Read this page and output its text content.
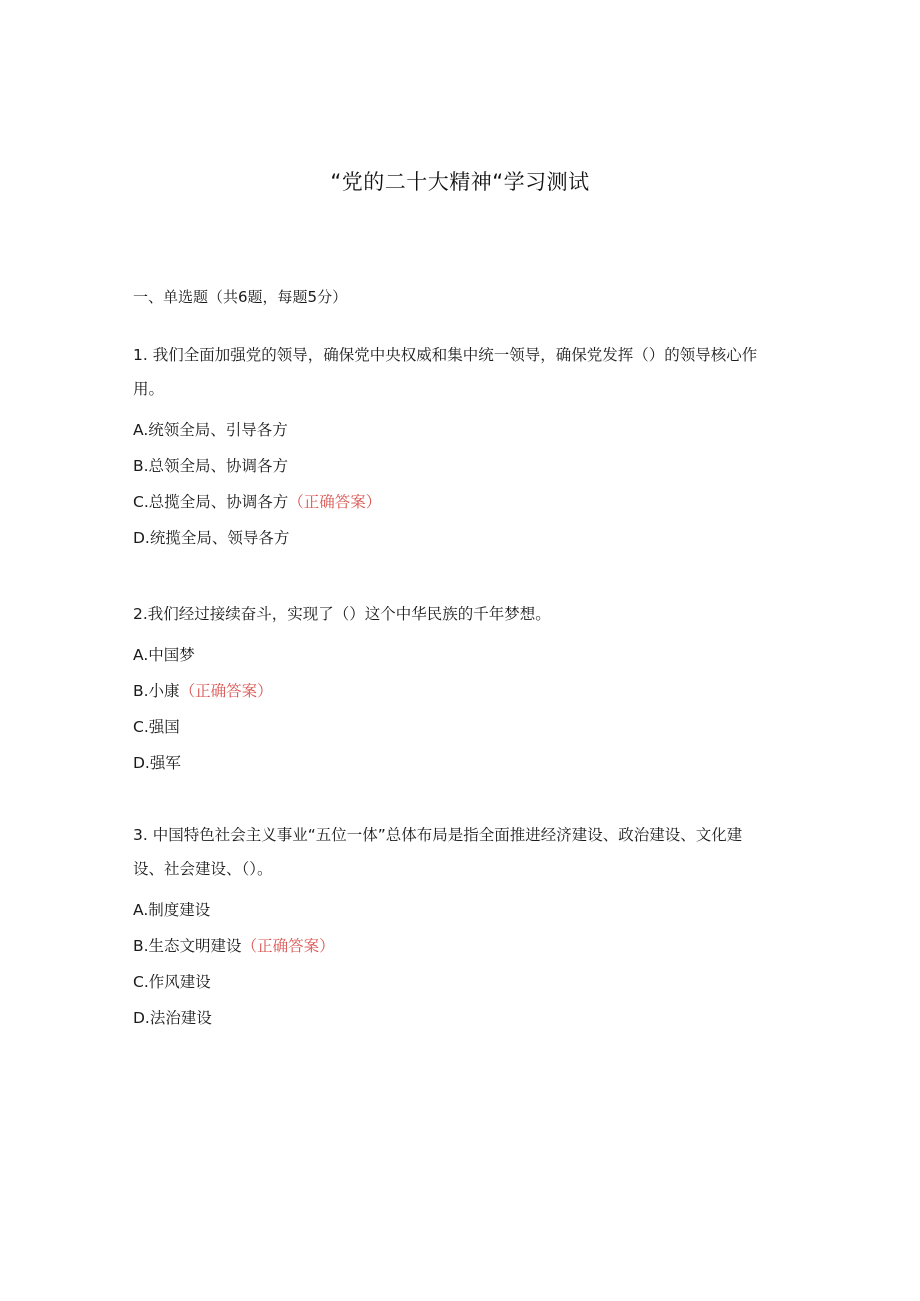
“党的二十大精神“学习测试
一、单选题（共6题，每题5分）

1. 我们全面加强党的领导，确保党中央权威和集中统一领导，确保党发挥（）的领导核心作用。

A.统领全局、引导各方
B.总领全局、协调各方
C.总揽全局、协调各方（正确答案）
D.统揽全局、领导各方

2.我们经过接续奋斗，实现了（）这个中华民族的千年梦想。

A.中国梦
B.小康（正确答案）
C.强国
D.强军

3. 中国特色社会主义事业“五位一体”总体布局是指全面推进经济建设、政治建设、文化建设、社会建设、（）。

A.制度建设
B.生态文明建设（正确答案）
C.作风建设
D.法治建设
